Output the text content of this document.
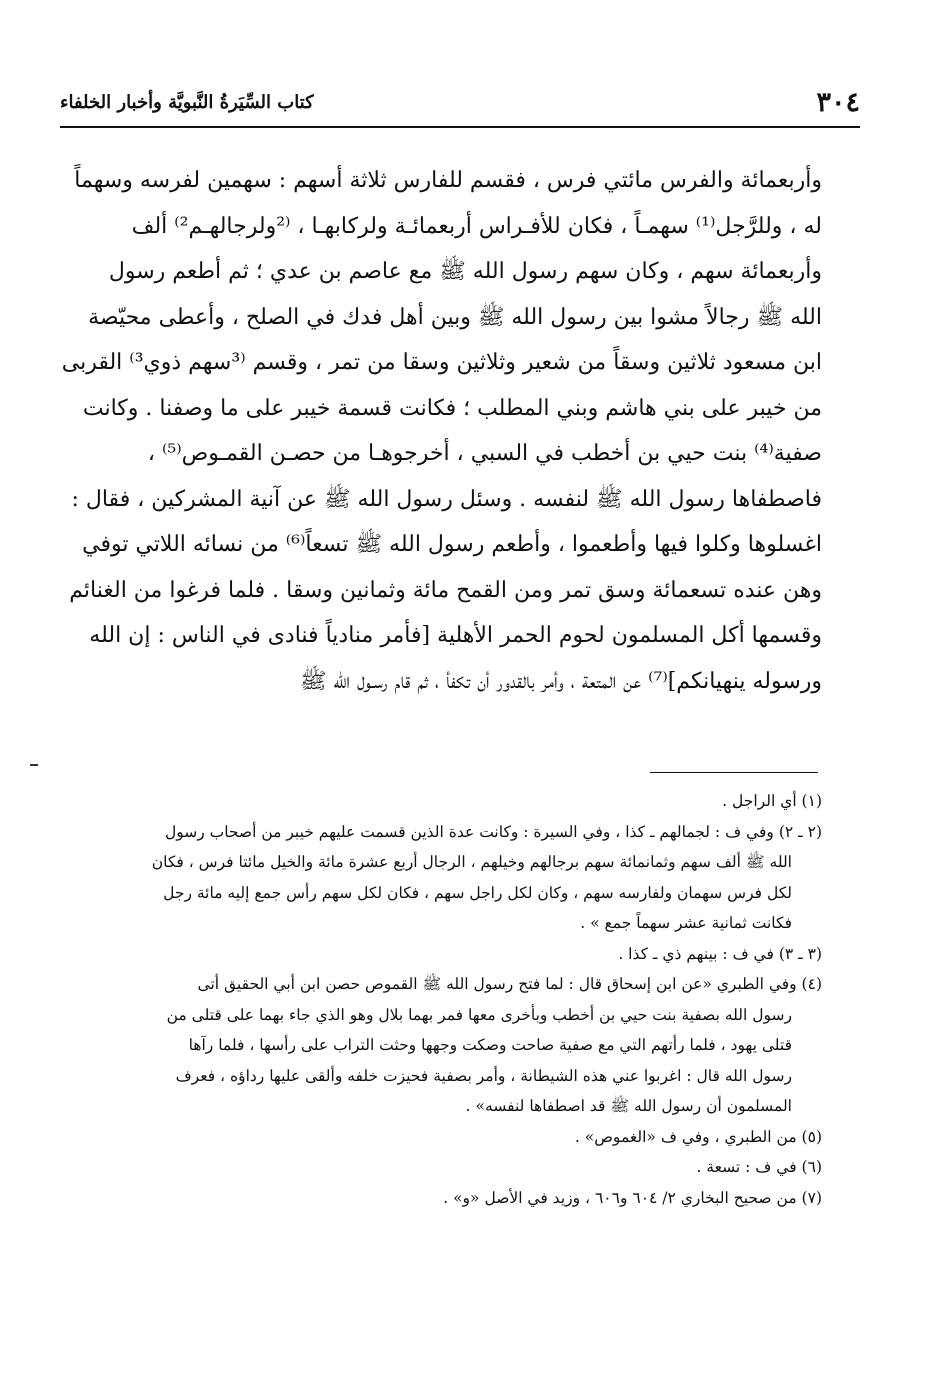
٣٠٤
كتاب السِّيَرةُ النَّبويَّة وأخبار الخلفاء
وأربعمائة والفرس مائتي فرس ، فقسم للفارس ثلاثة أسهم : سهمين لفرسه وسهماً
له ، وللرَّجل⁽¹⁾ سهمـاً ، فكان للأفـراس أربعمائـة ولركابهـا ، ⁽²ولرجالهـم²⁾ ألف
وأربعمائة سهم ، وكان سهم رسول الله ﷺ مع عاصم بن عدي ؛ ثم أطعم رسول
الله ﷺ رجالاً مشوا بين رسول الله ﷺ وبين أهل فدك في الصلح ، وأعطى محيّصة
ابن مسعود ثلاثين وسقاً من شعير وثلاثين وسقا من تمر ، وقسم ⁽³سهم ذوي³⁾ القربى
من خيبر على بني هاشم وبني المطلب ؛ فكانت قسمة خيبر على ما وصفنا . وكانت
صفية⁽⁴⁾ بنت حيي بن أخطب في السبي ، أخرجوهـا من حصـن القمـوص⁽⁵⁾ ،
فاصطفاها رسول الله ﷺ لنفسه . وسئل رسول الله ﷺ عن آنية المشركين ، فقال :
اغسلوها وكلوا فيها وأطعموا ، وأطعم رسول الله ﷺ تسعاً⁽⁶⁾ من نسائه اللاتي توفي
وهن عنده تسعمائة وسق تمر ومن القمح مائة وثمانين وسقا . فلما فرغوا من الغنائم
وقسمها أكل المسلمون لحوم الحمر الأهلية [فأمر منادياً فنادى في الناس : إن الله
ورسوله ينهيانكم]⁽⁷⁾ عن المتعة ، وأمر بالقدور أن تكفأ ، ثم قام رسـول الله ﷺ
(١) أي الراجل .
(٢ ـ ٢) وفي ف : لجمالهم ـ كذا ، وفي السيرة : وكانت عدة الذين قسمت عليهم خيبر من أصحاب رسول
الله ﷺ ألف سهم وثمانمائة سهم برجالهم وخيلهم ، الرجال أربع عشرة مائة والخيل مائتا فرس ، فكان
لكل فرس سهمان ولفارسه سهم ، وكان لكل راجل سهم ، فكان لكل سهم رأس جمع إليه مائة رجل
فكانت ثمانية عشر سهماً جمع » .
(٣ ـ ٣) في ف : بينهم ذي ـ كذا .
(٤) وفي الطبري «عن ابن إسحاق قال : لما فتح رسول الله ﷺ القموص حصن ابن أبي الحقيق أتى
رسول الله بصفية بنت حيي بن أخطب وبأخرى معها فمر بهما بلال وهو الذي جاء بهما على قتلى من
قتلى يهود ، فلما رأتهم التي مع صفية صاحت وصكت وجهها وحثت التراب على رأسها ، فلما رآها
رسول الله قال : اغربوا عني هذه الشيطانة ، وأمر بصفية فحيزت خلفه وألقى عليها رداؤه ، فعرف
المسلمون أن رسول الله ﷺ قد اصطفاها لنفسه» .
(٥) من الطبري ، وفي ف «الغموص» .
(٦) في ف : تسعة .
(٧) من صحيح البخاري ٢/ ٦٠٤ و٦٠٦ ، وزيد في الأصل «و» .
